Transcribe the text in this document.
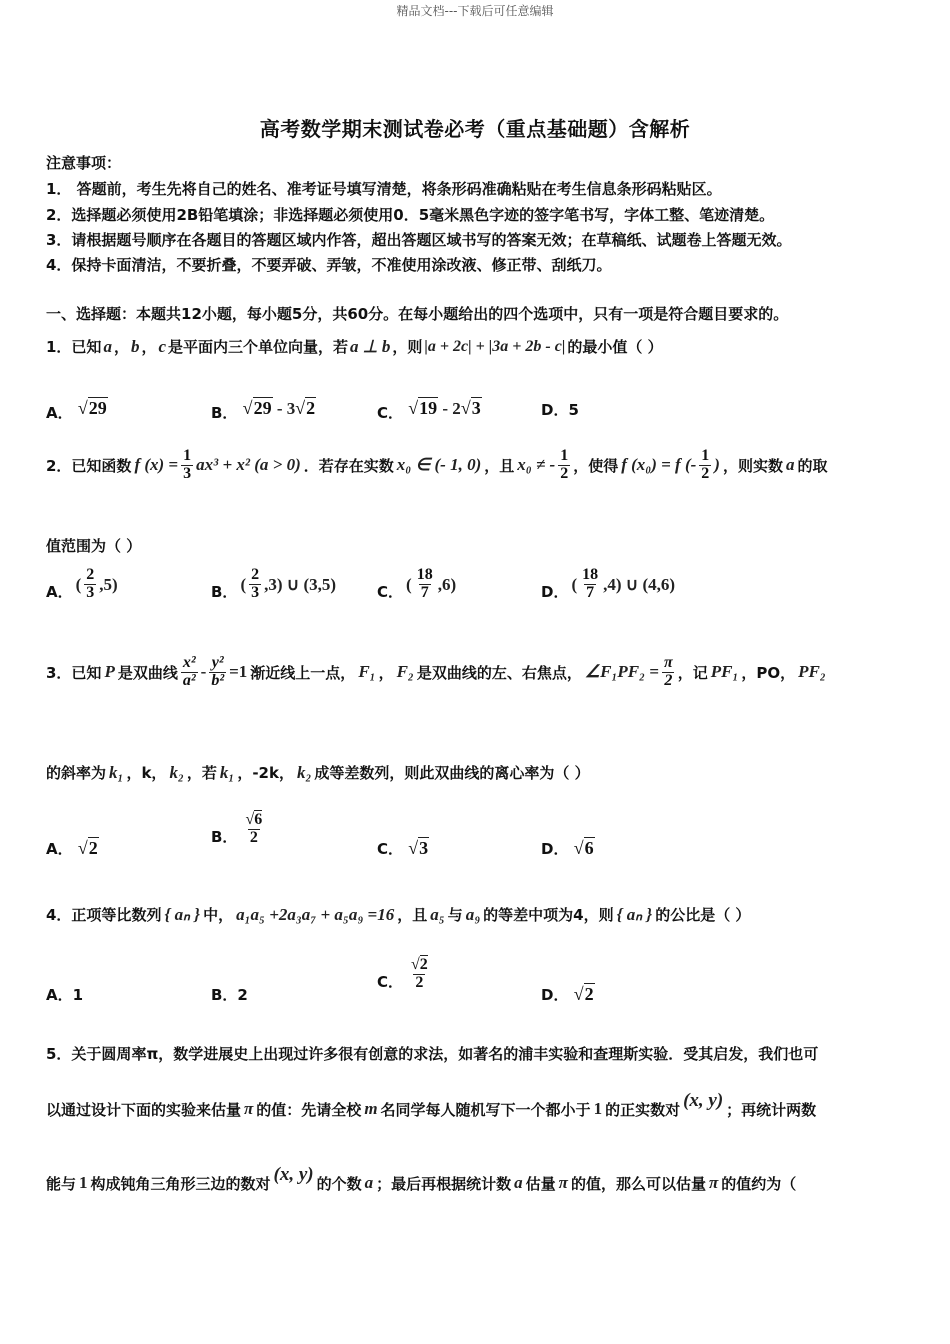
精品文档---下载后可任意编辑
高考数学期末测试卷必考（重点基础题）含解析
注意事项：
1． 答题前，考生先将自己的姓名、准考证号填写清楚，将条形码准确粘贴在考生信息条形码粘贴区。
2．选择题必须使用2B铅笔填涂；非选择题必须使用0．5毫米黑色字迹的签字笔书写，字体工整、笔迹清楚。
3．请根据题号顺序在各题目的答题区域内作答，超出答题区域书写的答案无效；在草稿纸、试题卷上答题无效。
4．保持卡面清洁，不要折叠，不要弄破、弄皱，不准使用涂改液、修正带、刮纸刀。
一、选择题：本题共12小题，每小题5分，共60分。在每小题给出的四个选项中，只有一项是符合题目要求的。
1．已知 a ， b ， c 是平面内三个单位向量，若 a ⊥ b ，则 |a + 2c| + |3a + 2b - c| 的最小值（ ）
A． √29	B． √29 - 3√2	C． √19 - 2√3	D．5
2．已知函数 f $(x) = \frac{1}{3} ax^3 + x^2$ (a > 0) ．若存在实数 x₀ ∈ (- 1, 0) ，且 x₀ ≠ - $\frac{1}{2}$ ，使得 f (x₀) = f (- $\frac{1}{2}$ ) ，则实数 a 的取
值范围为（ ）
A． ( $\frac{2}{3} ,5$)	B． ( $\frac{2}{3} ,3$) ∪ (3,5)	C． ( $\frac{18}{7} ,6$)	D． ( $\frac{18}{7} ,4$) ∪ (4,6)
3．已知 P 是双曲线 $\frac{\text{x²}}{\text{a²}} - \frac{\text{y²}}{\text{b²}} =1$ 渐近线上一点， F₁ ， F₂ 是双曲线的左、右焦点， ∠F₁PF₂ = $\frac{\pi}{2}$ ，记 PF₁ ，PO， PF₂
的斜率为 k₁ ，k， k₂ ，若 k₁ ，-2k， k₂ 成等差数列，则此双曲线的离心率为（ ）
A． √2
B． $\frac{√6}{2}$
C． √3	D． √6
4．正项等比数列 { aₙ } 中， a₁a₅ +2a₃a₇ + a₅a₉ =16 ，且 a₅ 与 a₉ 的等差中项为4，则 { aₙ } 的公比是（ ）
A．1	B．2
C． $\frac{√2}{2}$
D． √2
5．关于圆周率π，数学进展史上出现过许多很有创意的求法，如著名的浦丰实验和查理斯实验．受其启发，我们也可
以通过设计下面的实验来估量 π 的值：先请全校 m 名同学每人随机写下一个都小于 1 的正实数对 (x, y) ；再统计两数
能与 1 构成钝角三角形三边的数对 (x, y) 的个数 a ；最后再根据统计数 a 估量 π 的值，那么可以估量 π 的值约为（
